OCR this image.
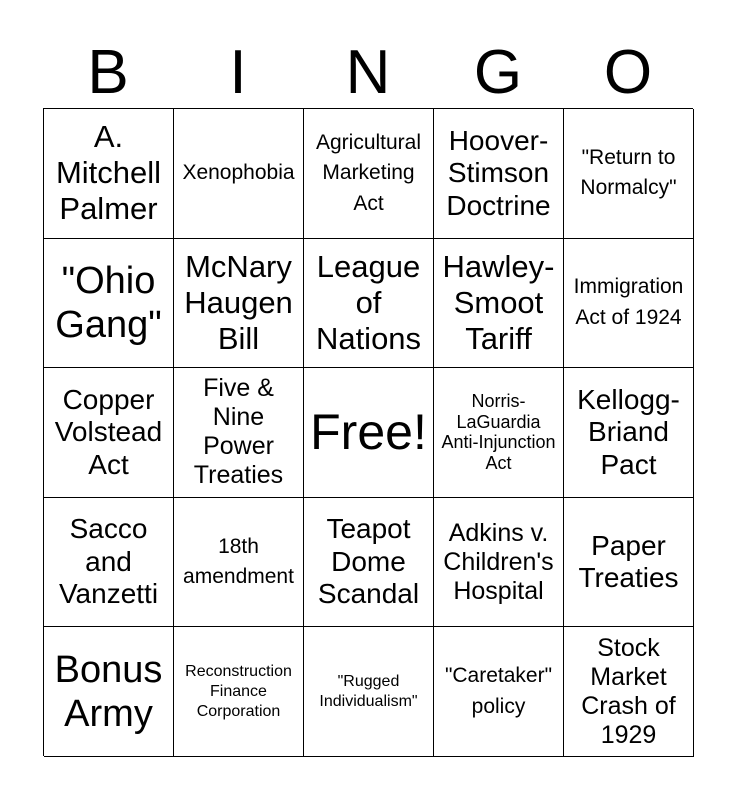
B	I	N	G	O
A. Mitchell Palmer
Xenophobia
Agricultural Marketing Act
Hoover-Stimson Doctrine
"Return to Normalcy"
"Ohio Gang"
McNary Haugen Bill
League of Nations
Hawley-Smoot Tariff
Immigration Act of 1924
Copper Volstead Act
Five & Nine Power Treaties
Free!
Norris-LaGuardia Anti-Injunction Act
Kellogg-Briand Pact
Sacco and Vanzetti
18th amendment
Teapot Dome Scandal
Adkins v. Children's Hospital
Paper Treaties
Bonus Army
Reconstruction Finance Corporation
"Rugged Individualism"
"Caretaker" policy
Stock Market Crash of 1929
